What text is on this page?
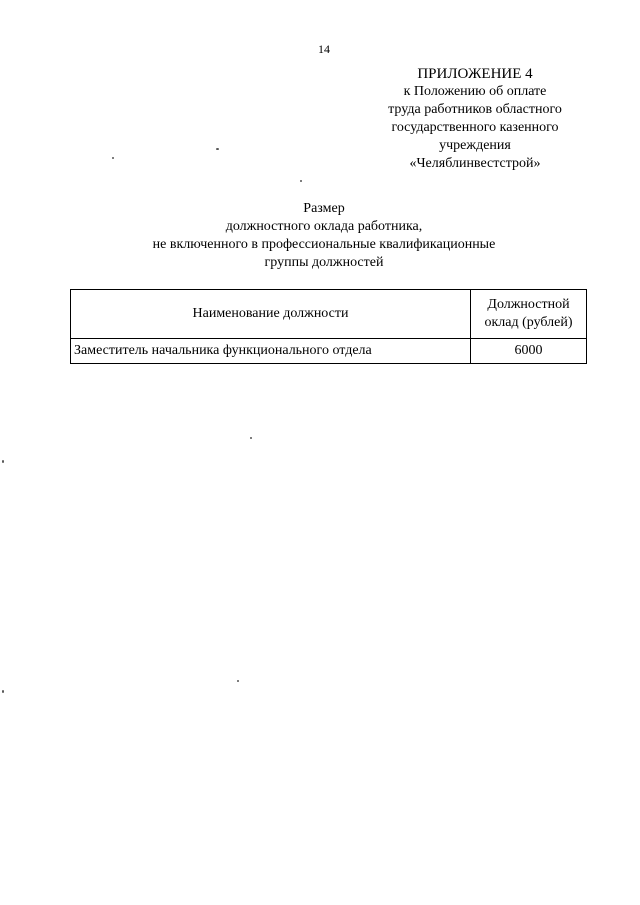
14
ПРИЛОЖЕНИЕ 4
к Положению об оплате
труда работников областного
государственного казенного
учреждения
«Челяблинвестстрой»
Размер
должностного оклада работника,
не включенного в профессиональные квалификационные
группы должностей
Наименование должности	Должностной
оклад (рублей)

Заместитель начальника функционального отдела	6000
